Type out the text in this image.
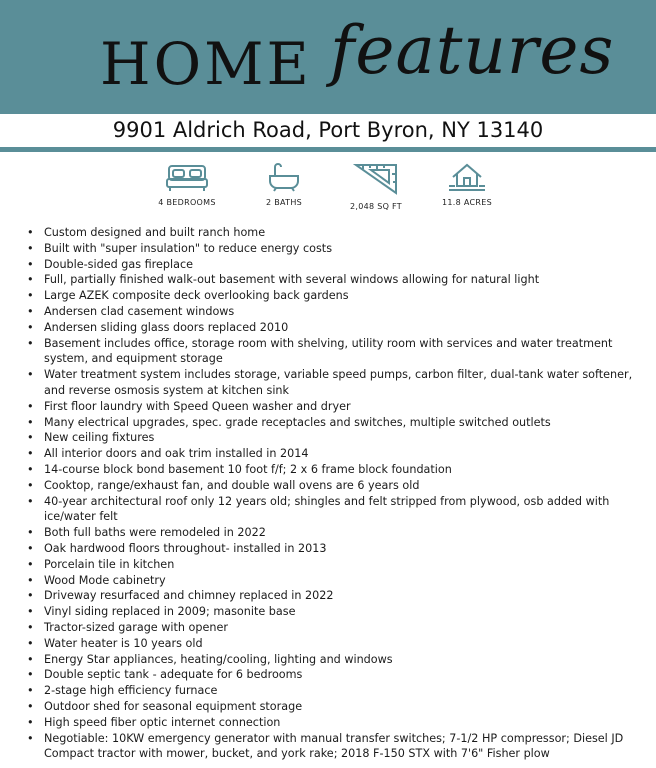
HOME features
9901 Aldrich Road, Port Byron, NY 13140
4 BEDROOMS	2 BATHS	2,048 SQ FT	11.8 ACRES
• Custom designed and built ranch home
• Built with "super insulation" to reduce energy costs
• Double-sided gas fireplace
• Full, partially finished walk-out basement with several windows allowing for natural light
• Large AZEK composite deck overlooking back gardens
• Andersen clad casement windows
• Andersen sliding glass doors replaced 2010
• Basement includes office, storage room with shelving, utility room with services and water treatment system, and equipment storage
• Water treatment system includes storage, variable speed pumps, carbon filter, dual-tank water softener, and reverse osmosis system at kitchen sink
• First floor laundry with Speed Queen washer and dryer
• Many electrical upgrades, spec. grade receptacles and switches, multiple switched outlets
• New ceiling fixtures
• All interior doors and oak trim installed in 2014
• 14-course block bond basement 10 foot f/f; 2 x 6 frame block foundation
• Cooktop, range/exhaust fan, and double wall ovens are 6 years old
• 40-year architectural roof only 12 years old; shingles and felt stripped from plywood, osb added with ice/water felt
• Both full baths were remodeled in 2022
• Oak hardwood floors throughout- installed in 2013
• Porcelain tile in kitchen
• Wood Mode cabinetry
• Driveway resurfaced and chimney replaced in 2022
• Vinyl siding replaced in 2009; masonite base
• Tractor-sized garage with opener
• Water heater is 10 years old
• Energy Star appliances, heating/cooling, lighting and windows
• Double septic tank - adequate for 6 bedrooms
• 2-stage high efficiency furnace
• Outdoor shed for seasonal equipment storage
• High speed fiber optic internet connection
• Negotiable: 10KW emergency generator with manual transfer switches; 7-1/2 HP compressor; Diesel JD Compact tractor with mower, bucket, and york rake; 2018 F-150 STX with 7'6" Fisher plow
